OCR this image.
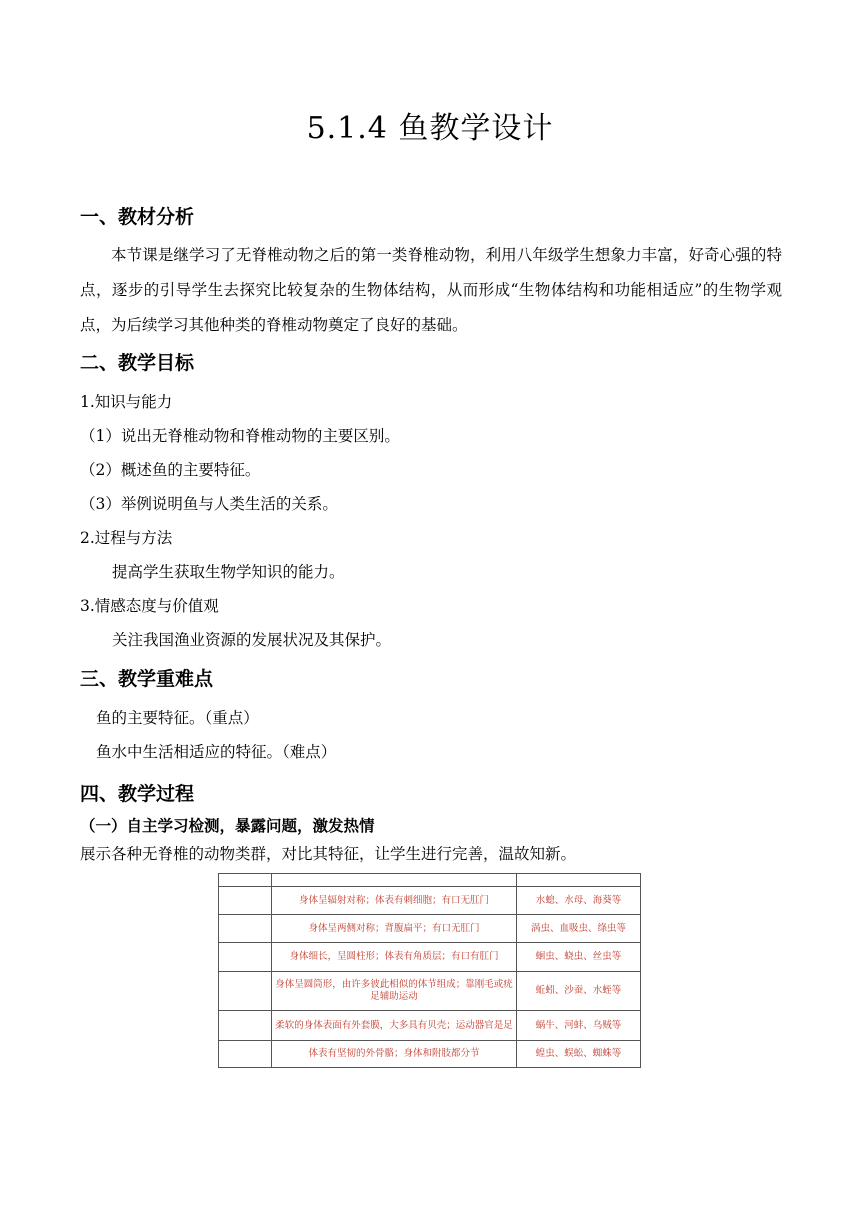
5.1.4 鱼教学设计
一、教材分析
本节课是继学习了无脊椎动物之后的第一类脊椎动物，利用八年级学生想象力丰富，好奇心强的特点，逐步的引导学生去探究比较复杂的生物体结构，从而形成“生物体结构和功能相适应”的生物学观点，为后续学习其他种类的脊椎动物奠定了良好的基础。
二、教学目标
1.知识与能力
（1）说出无脊椎动物和脊椎动物的主要区别。
（2）概述鱼的主要特征。
（3）举例说明鱼与人类生活的关系。
2.过程与方法
提高学生获取生物学知识的能力。
3.情感态度与价值观
关注我国渔业资源的发展状况及其保护。
三、教学重难点
鱼的主要特征。（重点）
鱼水中生活相适应的特征。（难点）
四、教学过程
（一）自主学习检测，暴露问题，激发热情
展示各种无脊椎的动物类群，对比其特征，让学生进行完善，温故知新。

	身体呈辐射对称；体表有刺细胞；有口无肛门	水螅、水母、海葵等
	身体呈两侧对称；背腹扁平；有口无肛门	涡虫、血吸虫、绦虫等
	身体细长，呈圆柱形；体表有角质层；有口有肛门	蛔虫、蛲虫、丝虫等
	身体呈圆筒形，由许多彼此相似的体节组成；靠刚毛或疣足辅助运动	蚯蚓、沙蚕、水蛭等
	柔软的身体表面有外套膜，大多具有贝壳；运动器官是足	蜗牛、河蚌、乌贼等
	体表有坚韧的外骨骼；身体和附肢都分节	蝗虫、蜈蚣、蜘蛛等
